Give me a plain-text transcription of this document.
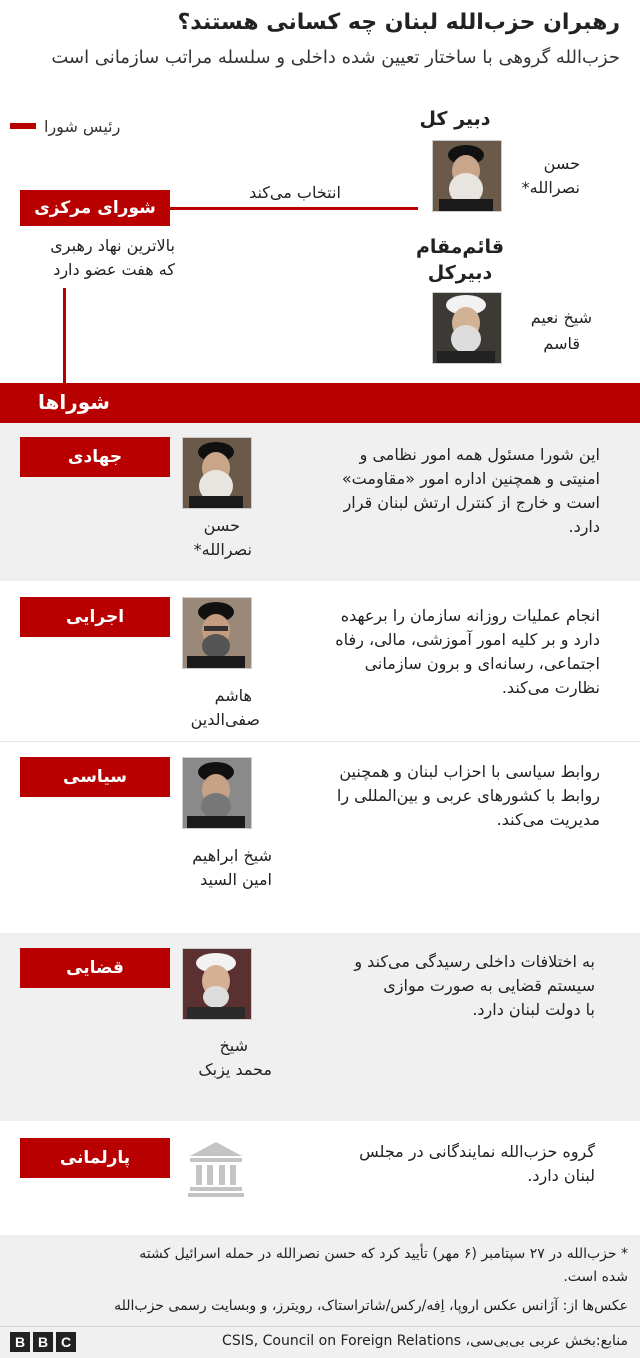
رهبران حزب‌الله لبنان چه کسانی هستند؟
حزب‌الله گروهی با ساختار تعیین شده داخلی و سلسله مراتب سازمانی است
رئیس شورا	دبیر کل
حسن
نصرالله*
شورای مرکزی
انتخاب می‌کند
بالاترین نهاد رهبری
که هفت عضو دارد
قائم‌مقام
دبیرکل
شیخ نعیم
قاسم
شوراها
جهادی
حسن
نصرالله*
این شورا مسئول همه امور نظامی و
امنیتی و همچنین اداره امور «مقاومت»
است و خارج از کنترل ارتش لبنان قرار
دارد.
اجرایی
هاشم
صفی‌الدین
انجام عملیات روزانه سازمان را برعهده
دارد و بر کلیه امور آموزشی، مالی، رفاه
اجتماعی، رسانه‌ای و برون سازمانی
نظارت می‌کند.
سیاسی
شیخ ابراهیم
امین السید
روابط سیاسی با احزاب لبنان و همچنین
روابط با کشورهای عربی و بین‌المللی را
مدیریت می‌کند.
قضایی
شیخ
محمد یزبک
به اختلافات داخلی رسیدگی می‌کند و
سیستم قضایی به صورت موازی
با دولت لبنان دارد.
پارلمانی	گروه حزب‌الله نمایندگانی در مجلس
لبنان دارد.
* حزب‌الله در ۲۷ سپتامبر (۶ مهر) تأیید کرد که حسن نصرالله در حمله اسرائیل کشته
شده است.
عکس‌ها از: آژانس عکس اروپا، اِفه/رکس/شاتراستاک، رویترز، و وبسایت رسمی حزب‌الله
منابع:بخش عربی بی‌بی‌سی، CSIS, Council on Foreign Relations
B B C
